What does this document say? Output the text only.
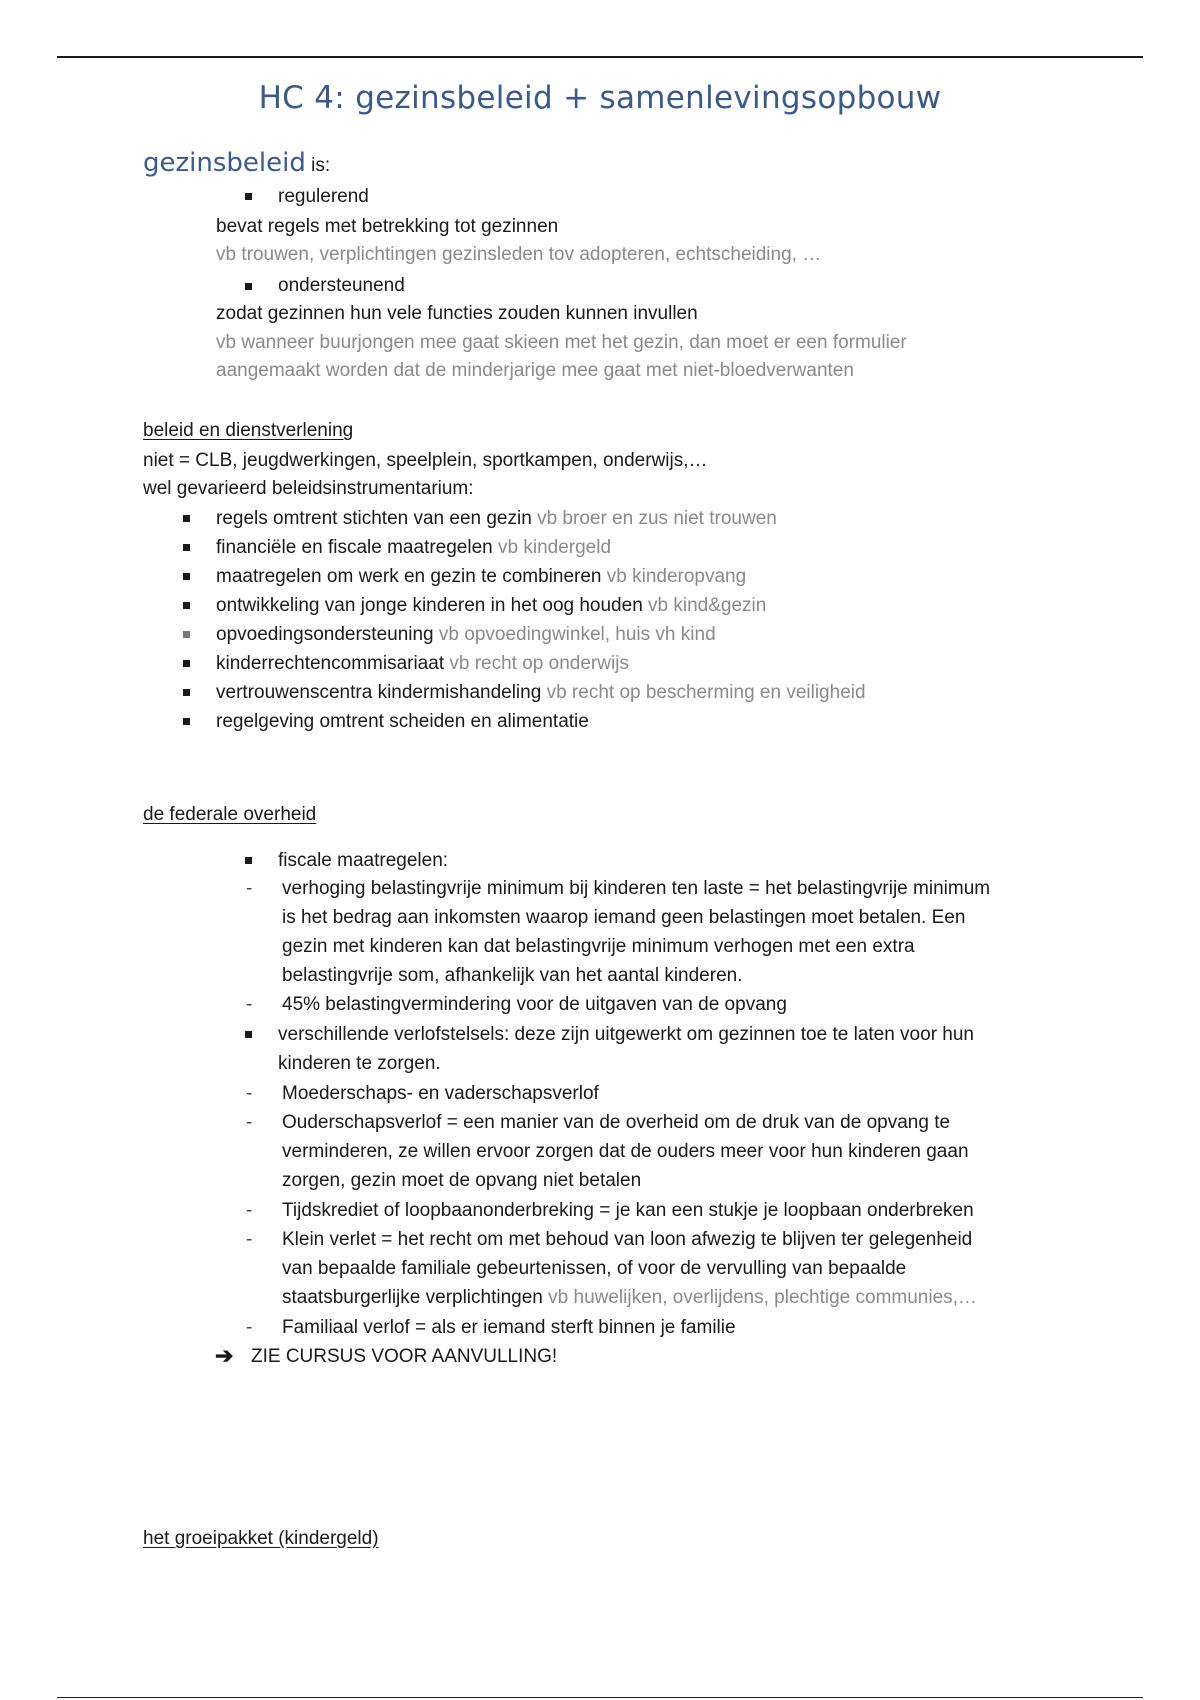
HC 4: gezinsbeleid + samenlevingsopbouw
gezinsbeleid is:
regulerend
bevat regels met betrekking tot gezinnen
vb trouwen, verplichtingen gezinsleden tov adopteren, echtscheiding, …
ondersteunend
zodat gezinnen hun vele functies zouden kunnen invullen
vb wanneer buurjongen mee gaat skieen met het gezin, dan moet er een formulier
aangemaakt worden dat de minderjarige mee gaat met niet-bloedverwanten
beleid en dienstverlening
niet = CLB, jeugdwerkingen, speelplein, sportkampen, onderwijs,…
wel gevarieerd beleidsinstrumentarium:
regels omtrent stichten van een gezin vb broer en zus niet trouwen
financiële en fiscale maatregelen vb kindergeld
maatregelen om werk en gezin te combineren vb kinderopvang
ontwikkeling van jonge kinderen in het oog houden vb kind&gezin
opvoedingsondersteuning vb opvoedingwinkel, huis vh kind
kinderrechtencommisariaat vb recht op onderwijs
vertrouwenscentra kindermishandeling vb recht op bescherming en veiligheid
regelgeving omtrent scheiden en alimentatie
de federale overheid
fiscale maatregelen:
- verhoging belastingvrije minimum bij kinderen ten laste = het belastingvrije minimum
is het bedrag aan inkomsten waarop iemand geen belastingen moet betalen. Een
gezin met kinderen kan dat belastingvrije minimum verhogen met een extra
belastingvrije som, afhankelijk van het aantal kinderen.
- 45% belastingvermindering voor de uitgaven van de opvang
verschillende verlofstelsels: deze zijn uitgewerkt om gezinnen toe te laten voor hun
kinderen te zorgen.
- Moederschaps- en vaderschapsverlof
- Ouderschapsverlof = een manier van de overheid om de druk van de opvang te
verminderen, ze willen ervoor zorgen dat de ouders meer voor hun kinderen gaan
zorgen, gezin moet de opvang niet betalen
- Tijdskrediet of loopbaanonderbreking = je kan een stukje je loopbaan onderbreken
- Klein verlet = het recht om met behoud van loon afwezig te blijven ter gelegenheid
van bepaalde familiale gebeurtenissen, of voor de vervulling van bepaalde
staatsburgerlijke verplichtingen vb huwelijken, overlijdens, plechtige communies,…
- Familiaal verlof = als er iemand sterft binnen je familie
➔ ZIE CURSUS VOOR AANVULLING!
het groeipakket (kindergeld)
